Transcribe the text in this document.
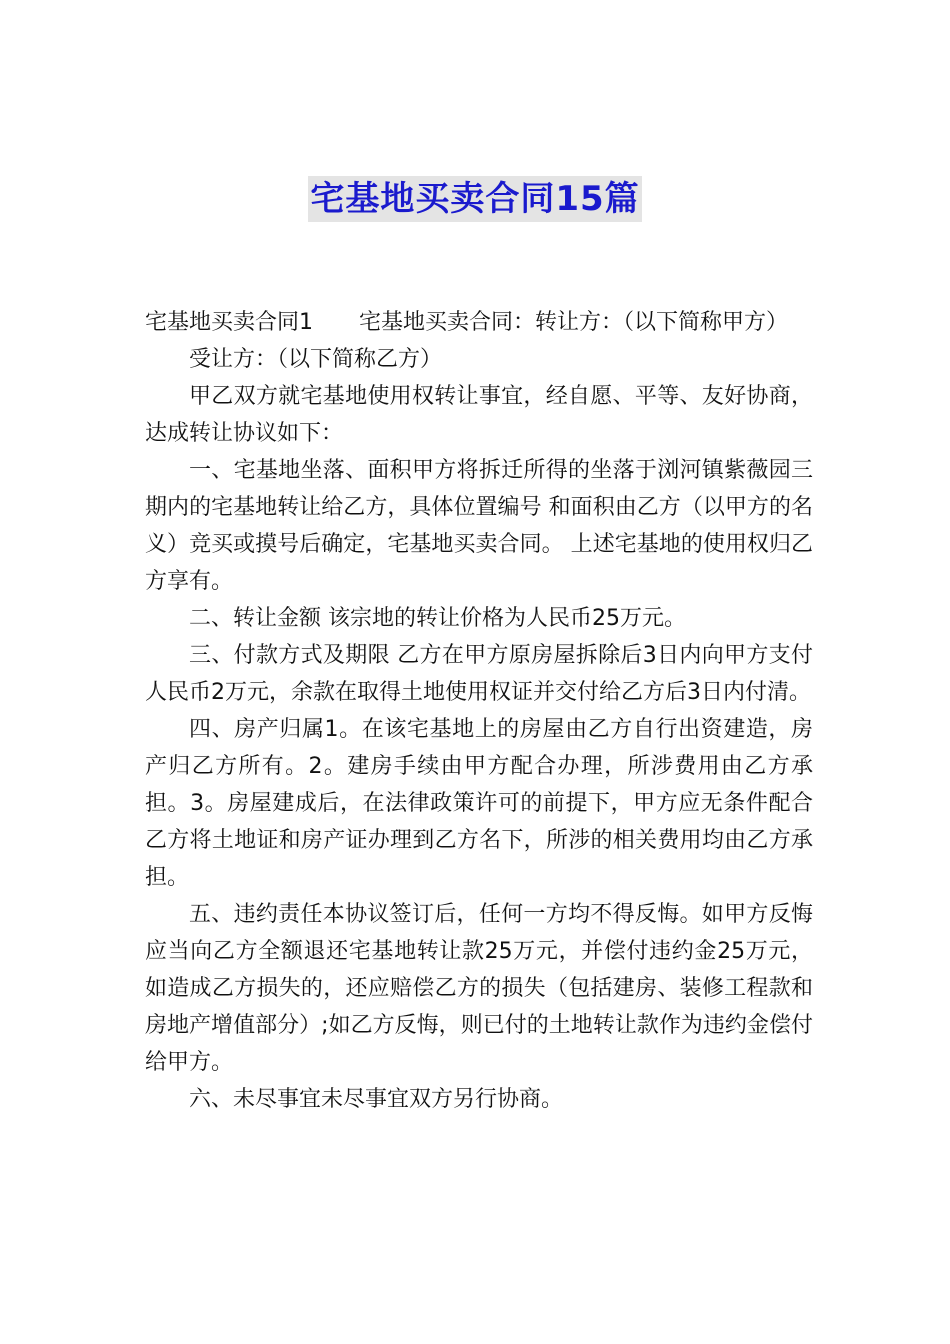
宅基地买卖合同15篇

宅基地买卖合同1 宅基地买卖合同：转让方：（以下简称甲方）

受让方：（以下简称乙方）

甲乙双方就宅基地使用权转让事宜，经自愿、平等、友好协商，达成转让协议如下：

一、宅基地坐落、面积甲方将拆迁所得的坐落于浏河镇紫薇园三期内的宅基地转让给乙方，具体位置编号 和面积由乙方（以甲方的名义）竞买或摸号后确定，宅基地买卖合同。 上述宅基地的使用权归乙方享有。

二、转让金额 该宗地的转让价格为人民币25万元。

三、付款方式及期限 乙方在甲方原房屋拆除后3日内向甲方支付人民币2万元，余款在取得土地使用权证并交付给乙方后3日内付清。

四、房产归属1。在该宅基地上的房屋由乙方自行出资建造，房产归乙方所有。2。建房手续由甲方配合办理，所涉费用由乙方承担。3。房屋建成后，在法律政策许可的前提下，甲方应无条件配合乙方将土地证和房产证办理到乙方名下，所涉的相关费用均由乙方承担。

五、违约责任本协议签订后，任何一方均不得反悔。如甲方反悔应当向乙方全额退还宅基地转让款25万元，并偿付违约金25万元，如造成乙方损失的，还应赔偿乙方的损失（包括建房、装修工程款和房地产增值部分）;如乙方反悔，则已付的土地转让款作为违约金偿付给甲方。

六、未尽事宜未尽事宜双方另行协商。
